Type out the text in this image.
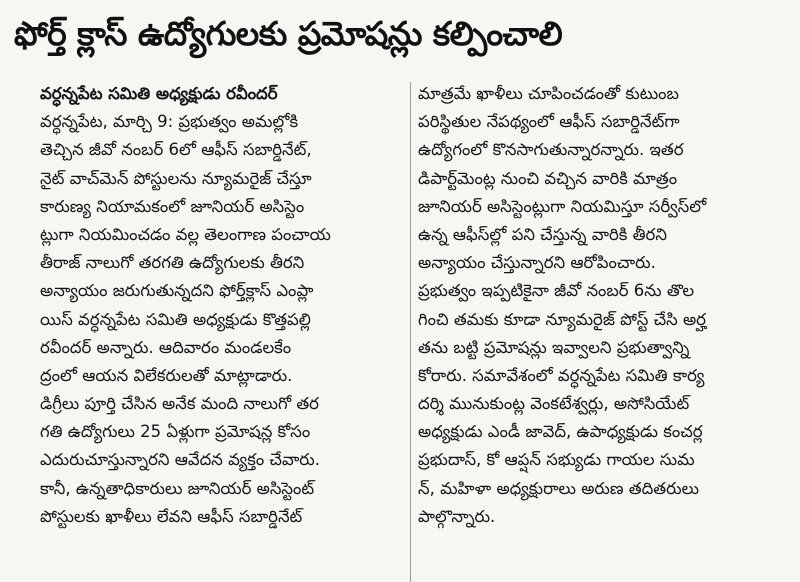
ఫోర్త్ క్లాస్ ఉద్యోగులకు ప్రమోషన్లు కల్పించాలి
వర్ధన్నపేట సమితి అధ్యక్షుడు రవీందర్
వర్ధన్నపేట, మార్చి 9: ప్రభుత్వం అమల్లోకి
తెచ్చిన జీవో నంబర్ 6లో ఆఫీస్ సబార్డినేట్,
నైట్ వాచ్‌మెన్ పోస్టులను న్యూమరైజ్ చేస్తూ
కారుణ్య నియామకంలో జూనియర్ అసిస్టెం
ట్లుగా నియమించడం వల్ల తెలంగాణ పంచాయ
తీరాజ్ నాలుగో తరగతి ఉద్యోగులకు తీరని
అన్యాయం జరుగుతున్నదని ఫోర్త్‌క్లాస్ ఎంప్లా
యిస్ వర్ధన్నపేట సమితి అధ్యక్షుడు కొత్తపల్లి
రవీందర్ అన్నారు. ఆదివారం మండలకేం
ద్రంలో ఆయన విలేకరులతో మాట్లాడారు.
డిగ్రీలు పూర్తి చేసిన అనేక మంది నాలుగో తర
గతి ఉద్యోగులు 25 ఏళ్లుగా ప్రమోషన్ల కోసం
ఎదురుచూస్తున్నారని ఆవేదన వ్యక్తం చేవారు.
కానీ, ఉన్నతాధికారులు జూనియర్ అసిస్టెంట్
పోస్టులకు ఖాళీలు లేవని ఆఫీస్ సబార్డినేట్
మాత్రమే ఖాళీలు చూపించడంతో కుటుంబ
పరిస్థితుల నేపథ్యంలో ఆఫీస్ సబార్డినేట్‌గా
ఉద్యోగంలో కొనసాగుతున్నారన్నారు. ఇతర
డిపార్ట్‌మెంట్ల నుంచి వచ్చిన వారికి మాత్రం
జూనియర్ అసిస్టెంట్లుగా నియమిస్తూ సర్వీస్‌లో
ఉన్న ఆఫీస్‌ల్లో పని చేస్తున్న వారికి తీరని
అన్యాయం చేస్తున్నారని ఆరోపించారు.
ప్రభుత్వం ఇప్పటికైనా జీవో నంబర్ 6ను తొల
గించి తమకు కూడా న్యూమరైజ్ పోస్ట్ చేసి అర్హ
తను బట్టి ప్రమోషన్లు ఇవ్వాలని ప్రభుత్వాన్ని
కోరారు. సమావేశంలో వర్ధన్నపేట సమితి కార్య
దర్శి మునుకుంట్ల వెంకటేశ్వర్లు, అసోసియేట్
అధ్యక్షుడు ఎండీ జావెద్, ఉపాధ్యక్షుడు కంచర్ల
ప్రభుదాస్, కో ఆప్షన్ సభ్యుడు గాయల సుమ
న్, మహిళా అధ్యక్షురాలు అరుణ తదితరులు
పాల్గొన్నారు.
